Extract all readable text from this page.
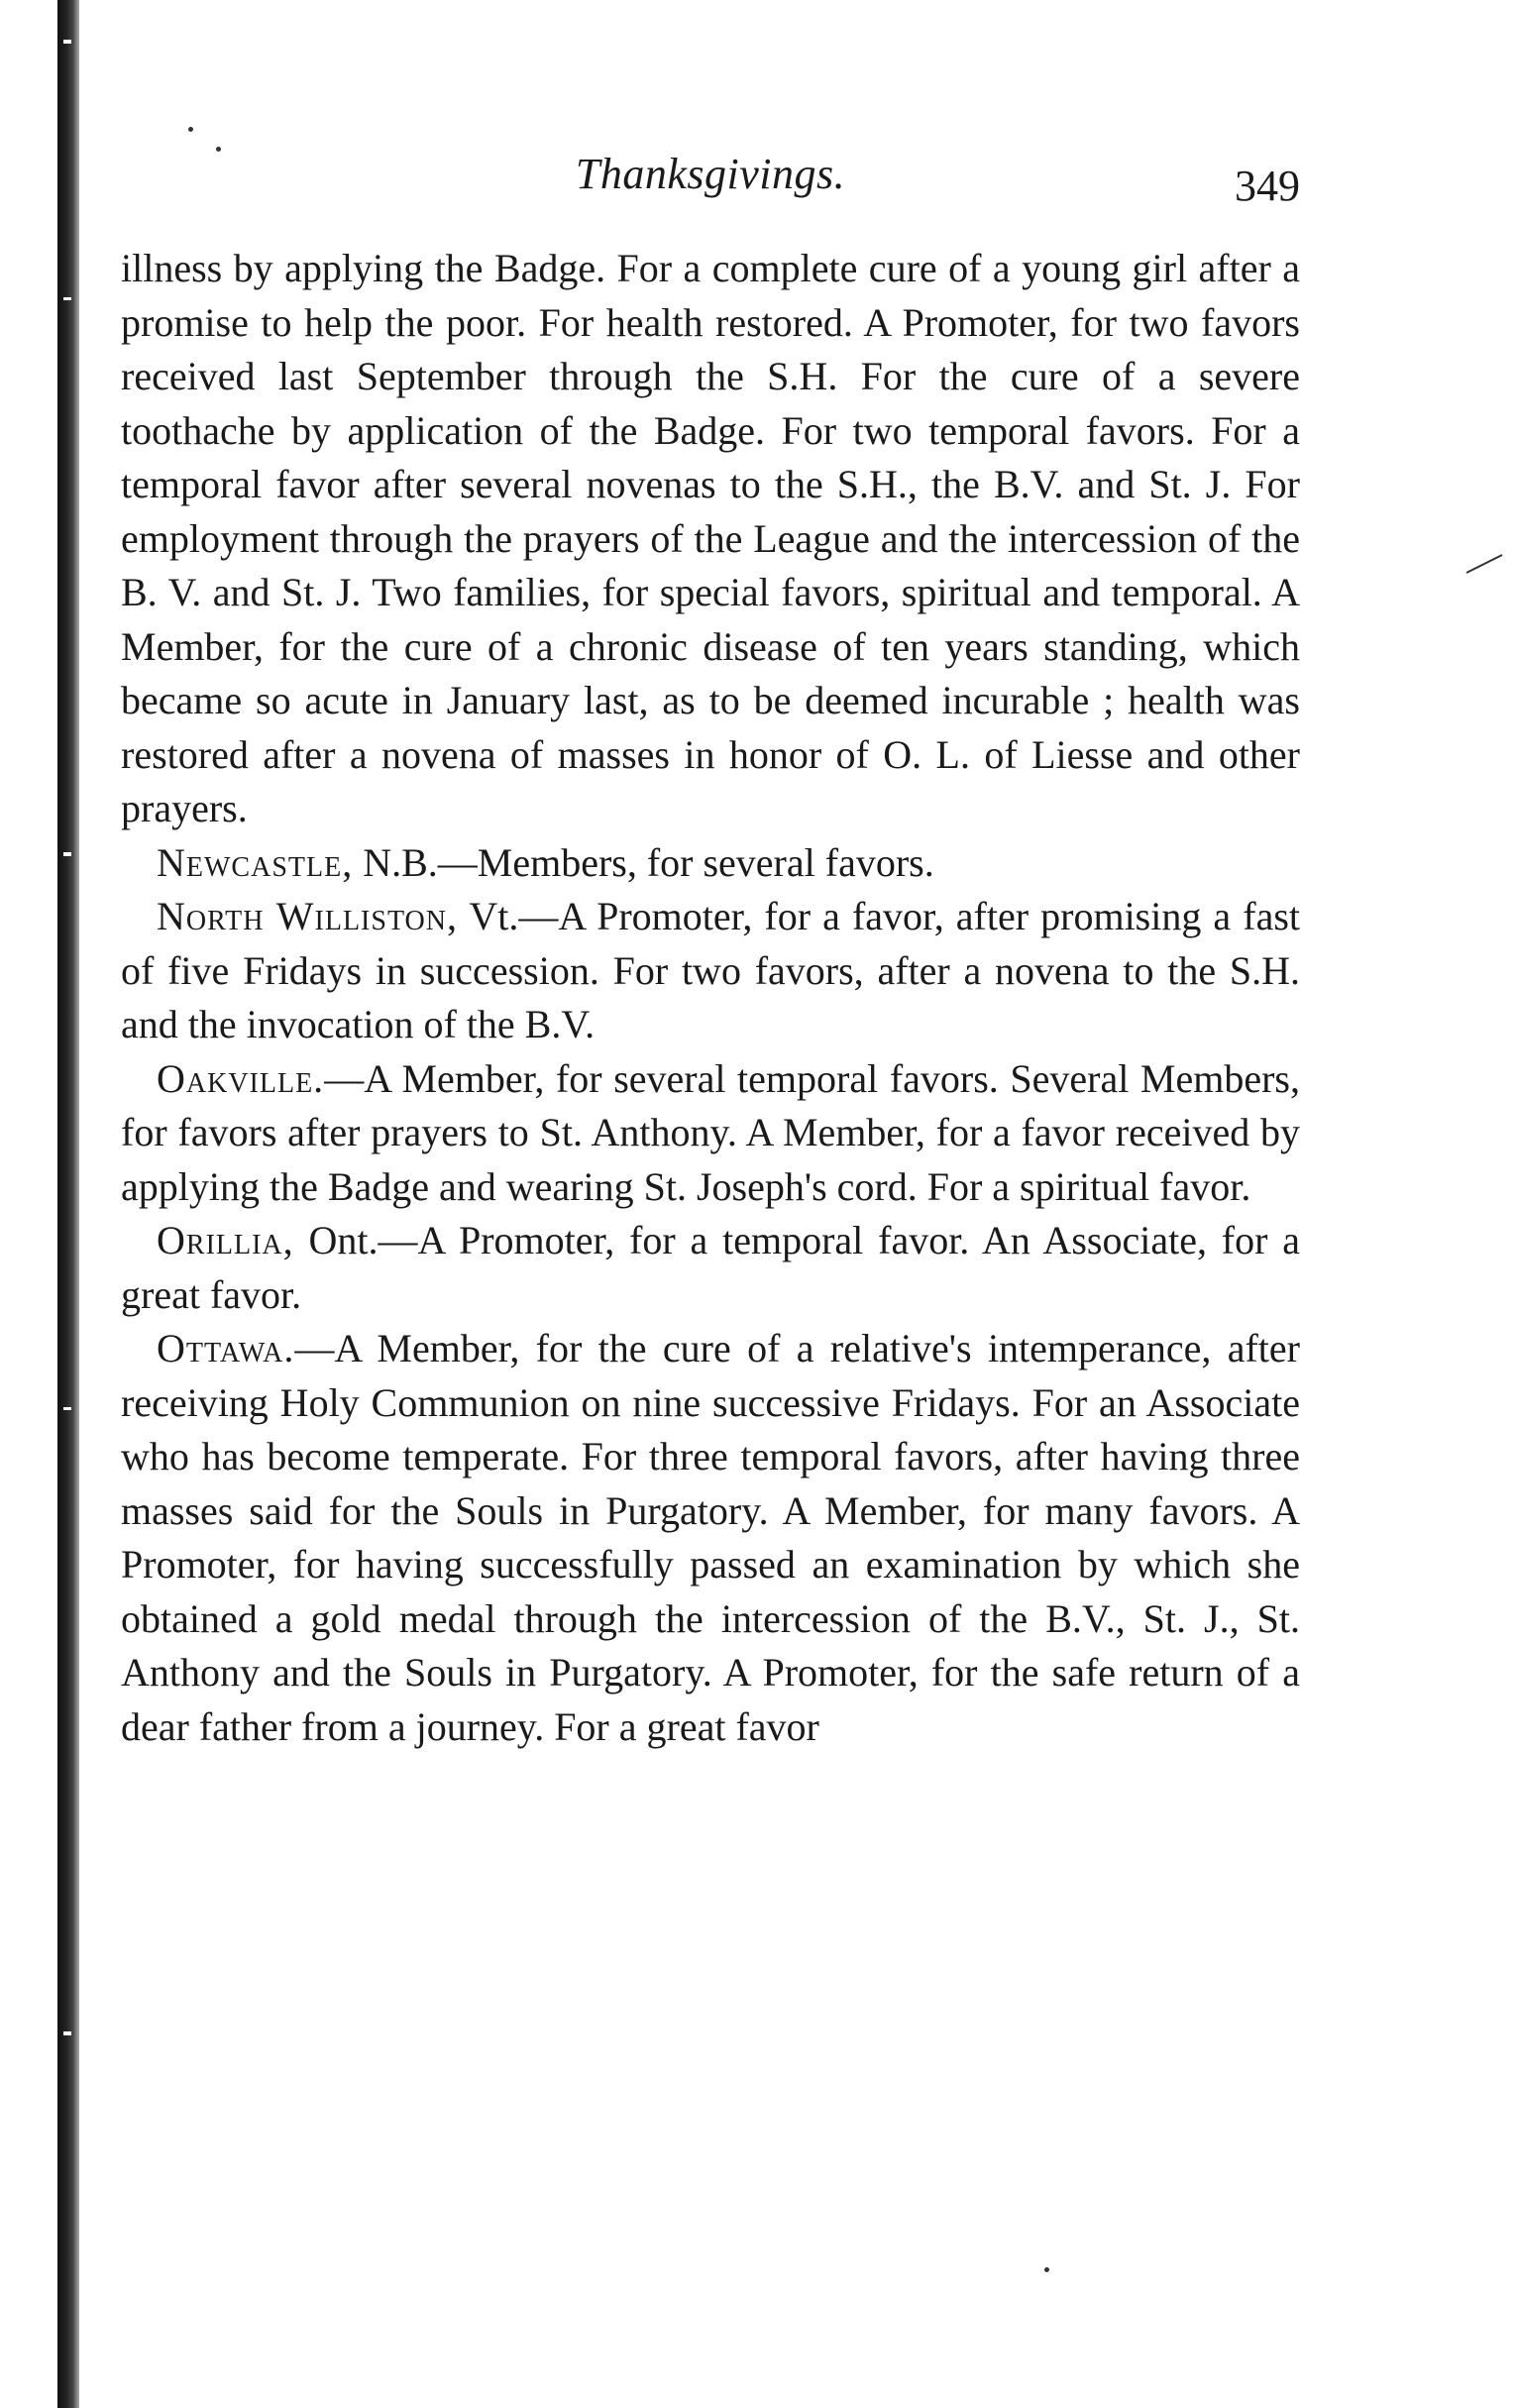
Thanksgivings.	349

illness by applying the Badge. For a complete cure of a young girl after a promise to help the poor. For health restored. A Promoter, for two favors received last September through the S.H. For the cure of a severe toothache by application of the Badge. For two temporal favors. For a temporal favor after several novenas to the S.H., the B.V. and St. J. For employment through the prayers of the League and the intercession of the B. V. and St. J. Two families, for special favors, spiritual and temporal. A Member, for the cure of a chronic disease of ten years standing, which became so acute in January last, as to be deemed incurable ; health was restored after a novena of masses in honor of O. L. of Liesse and other prayers.

Newcastle, N.B.—Members, for several favors.

North Williston, Vt.—A Promoter, for a favor, after promising a fast of five Fridays in succession. For two favors, after a novena to the S.H. and the invocation of the B.V.

Oakville.—A Member, for several temporal favors. Several Members, for favors after prayers to St. Anthony. A Member, for a favor received by applying the Badge and wearing St. Joseph's cord. For a spiritual favor.

Orillia, Ont.—A Promoter, for a temporal favor. An Associate, for a great favor.

Ottawa.—A Member, for the cure of a relative's intemperance, after receiving Holy Communion on nine successive Fridays. For an Associate who has become temperate. For three temporal favors, after having three masses said for the Souls in Purgatory. A Member, for many favors. A Promoter, for having successfully passed an examination by which she obtained a gold medal through the intercession of the B.V., St. J., St. Anthony and the Souls in Purgatory. A Promoter, for the safe return of a dear father from a journey. For a great favor
